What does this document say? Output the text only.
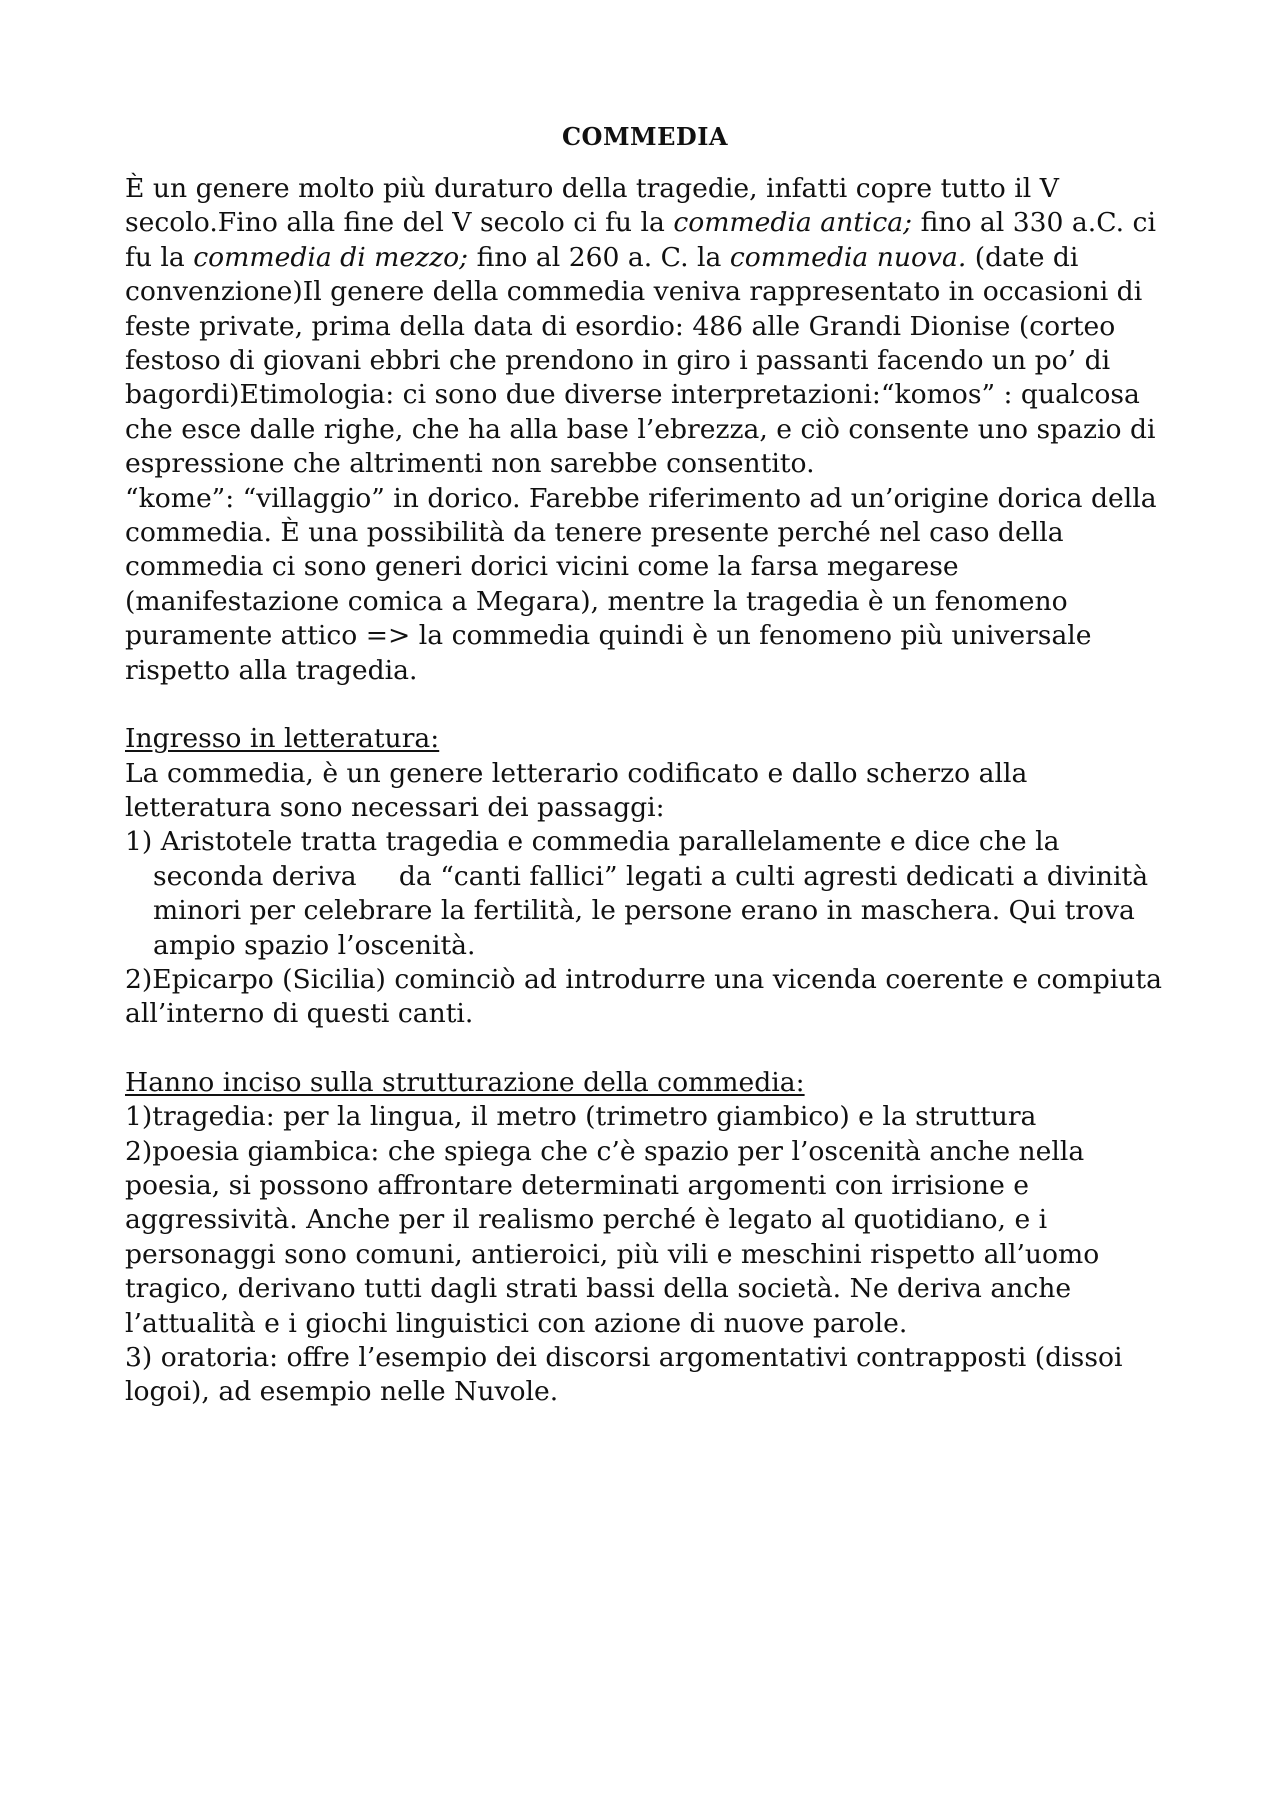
COMMEDIA

È un genere molto più duraturo della tragedie, infatti copre tutto il V secolo.Fino alla fine del V secolo ci fu la commedia antica; fino al 330 a.C. ci fu la commedia di mezzo; fino al 260 a. C. la commedia nuova. (date di convenzione)Il genere della commedia veniva rappresentato in occasioni di feste private, prima della data di esordio: 486 alle Grandi Dionise (corteo festoso di giovani ebbri che prendono in giro i passanti facendo un po’ di bagordi)Etimologia: ci sono due diverse interpretazioni:“komos” : qualcosa che esce dalle righe, che ha alla base l’ebrezza, e ciò consente uno spazio di espressione che altrimenti non sarebbe consentito.

“kome”: “villaggio” in dorico. Farebbe riferimento ad un’origine dorica della commedia. È una possibilità da tenere presente perché nel caso della commedia ci sono generi dorici vicini come la farsa megarese (manifestazione comica a Megara), mentre la tragedia è un fenomeno puramente attico => la commedia quindi è un fenomeno più universale rispetto alla tragedia.

Ingresso in letteratura:

La commedia, è un genere letterario codificato e dallo scherzo alla letteratura sono necessari dei passaggi:

1) Aristotele tratta tragedia e commedia parallelamente e dice che la seconda deriva     da “canti fallici” legati a culti agresti dedicati a divinità minori per celebrare la fertilità, le persone erano in maschera. Qui trova ampio spazio l’oscenità.

2)Epicarpo (Sicilia) cominciò ad introdurre una vicenda coerente e compiuta all’interno di questi canti.

Hanno inciso sulla strutturazione della commedia:

1)tragedia: per la lingua, il metro (trimetro giambico) e la struttura

2)poesia giambica: che spiega che c’è spazio per l’oscenità anche nella poesia, si possono affrontare determinati argomenti con irrisione e aggressività. Anche per il realismo perché è legato al quotidiano, e i personaggi sono comuni, antieroici, più vili e meschini rispetto all’uomo tragico, derivano tutti dagli strati bassi della società. Ne deriva anche l’attualità e i giochi linguistici con azione di nuove parole.

3) oratoria: offre l’esempio dei discorsi argomentativi contrapposti (dissoi logoi), ad esempio nelle Nuvole.
